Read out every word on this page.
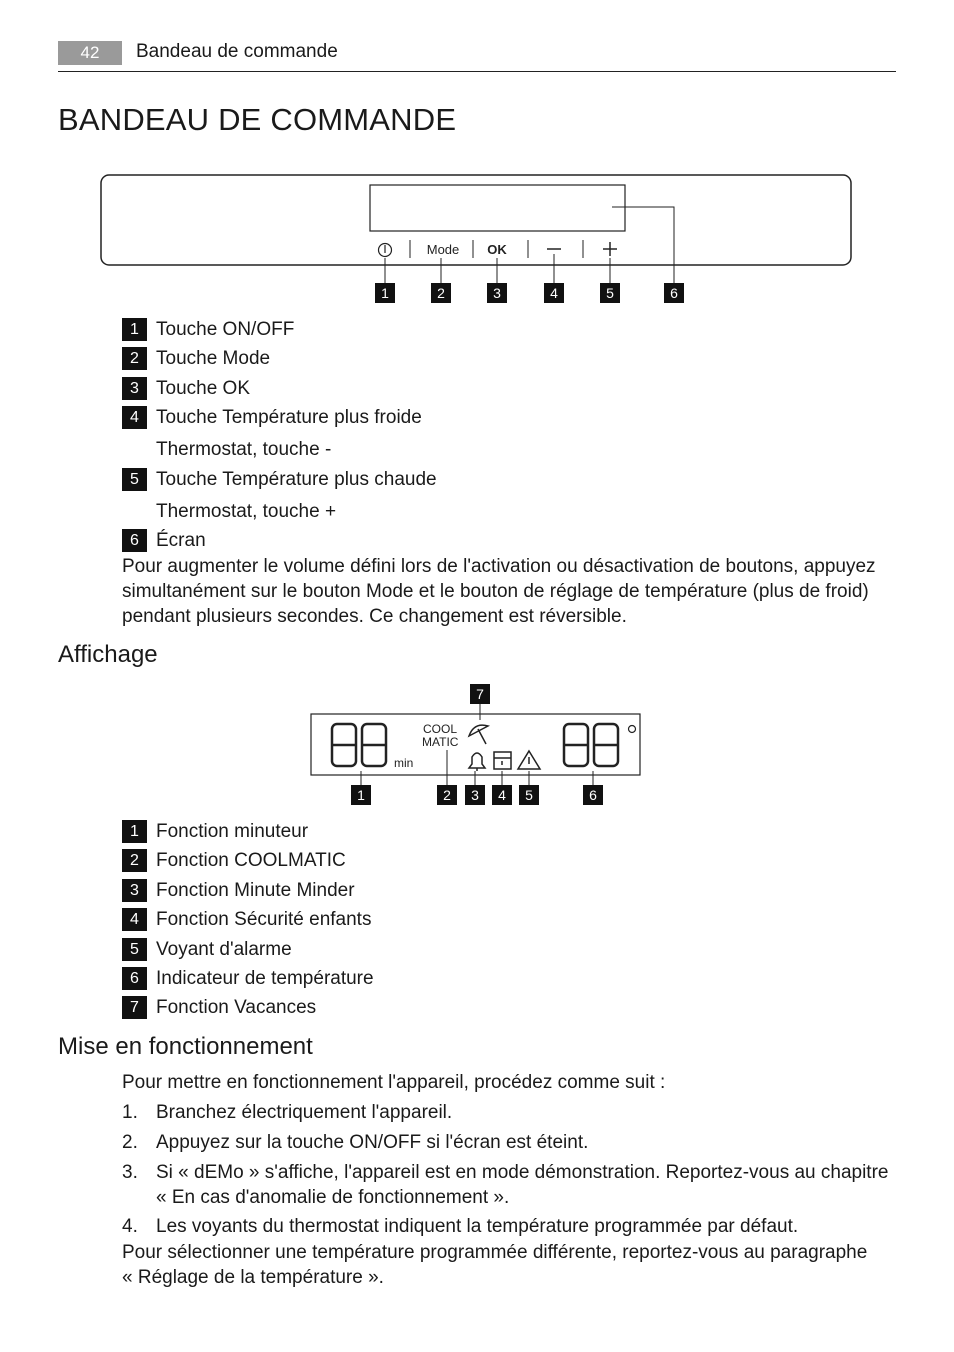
42	Bandeau de commande
BANDEAU DE COMMANDE
Mode OK
1	2	3	4	5	6
1 Touche ON/OFF
2 Touche Mode
3 Touche OK
4 Touche Température plus froide
Thermostat, touche -
5 Touche Température plus chaude
Thermostat, touche +
6 Écran
Pour augmenter le volume défini lors de l'activation ou désactivation de boutons, appuyez
simultanément sur le bouton Mode et le bouton de réglage de température (plus de froid)
pendant plusieurs secondes. Ce changement est réversible.
Affichage
min
COOL
MATIC
7
1	2	3	4	5	6
1 Fonction minuteur
2 Fonction COOLMATIC
3 Fonction Minute Minder
4 Fonction Sécurité enfants
5 Voyant d'alarme
6 Indicateur de température
7 Fonction Vacances
Mise en fonctionnement
Pour mettre en fonctionnement l'appareil, procédez comme suit :
1. Branchez électriquement l'appareil.
2. Appuyez sur la touche ON/OFF si l'écran est éteint.
3. Si « dEMo » s'affiche, l'appareil est en mode démonstration. Reportez-vous au chapitre
« En cas d'anomalie de fonctionnement ».
4. Les voyants du thermostat indiquent la température programmée par défaut.
Pour sélectionner une température programmée différente, reportez-vous au paragraphe
« Réglage de la température ».
